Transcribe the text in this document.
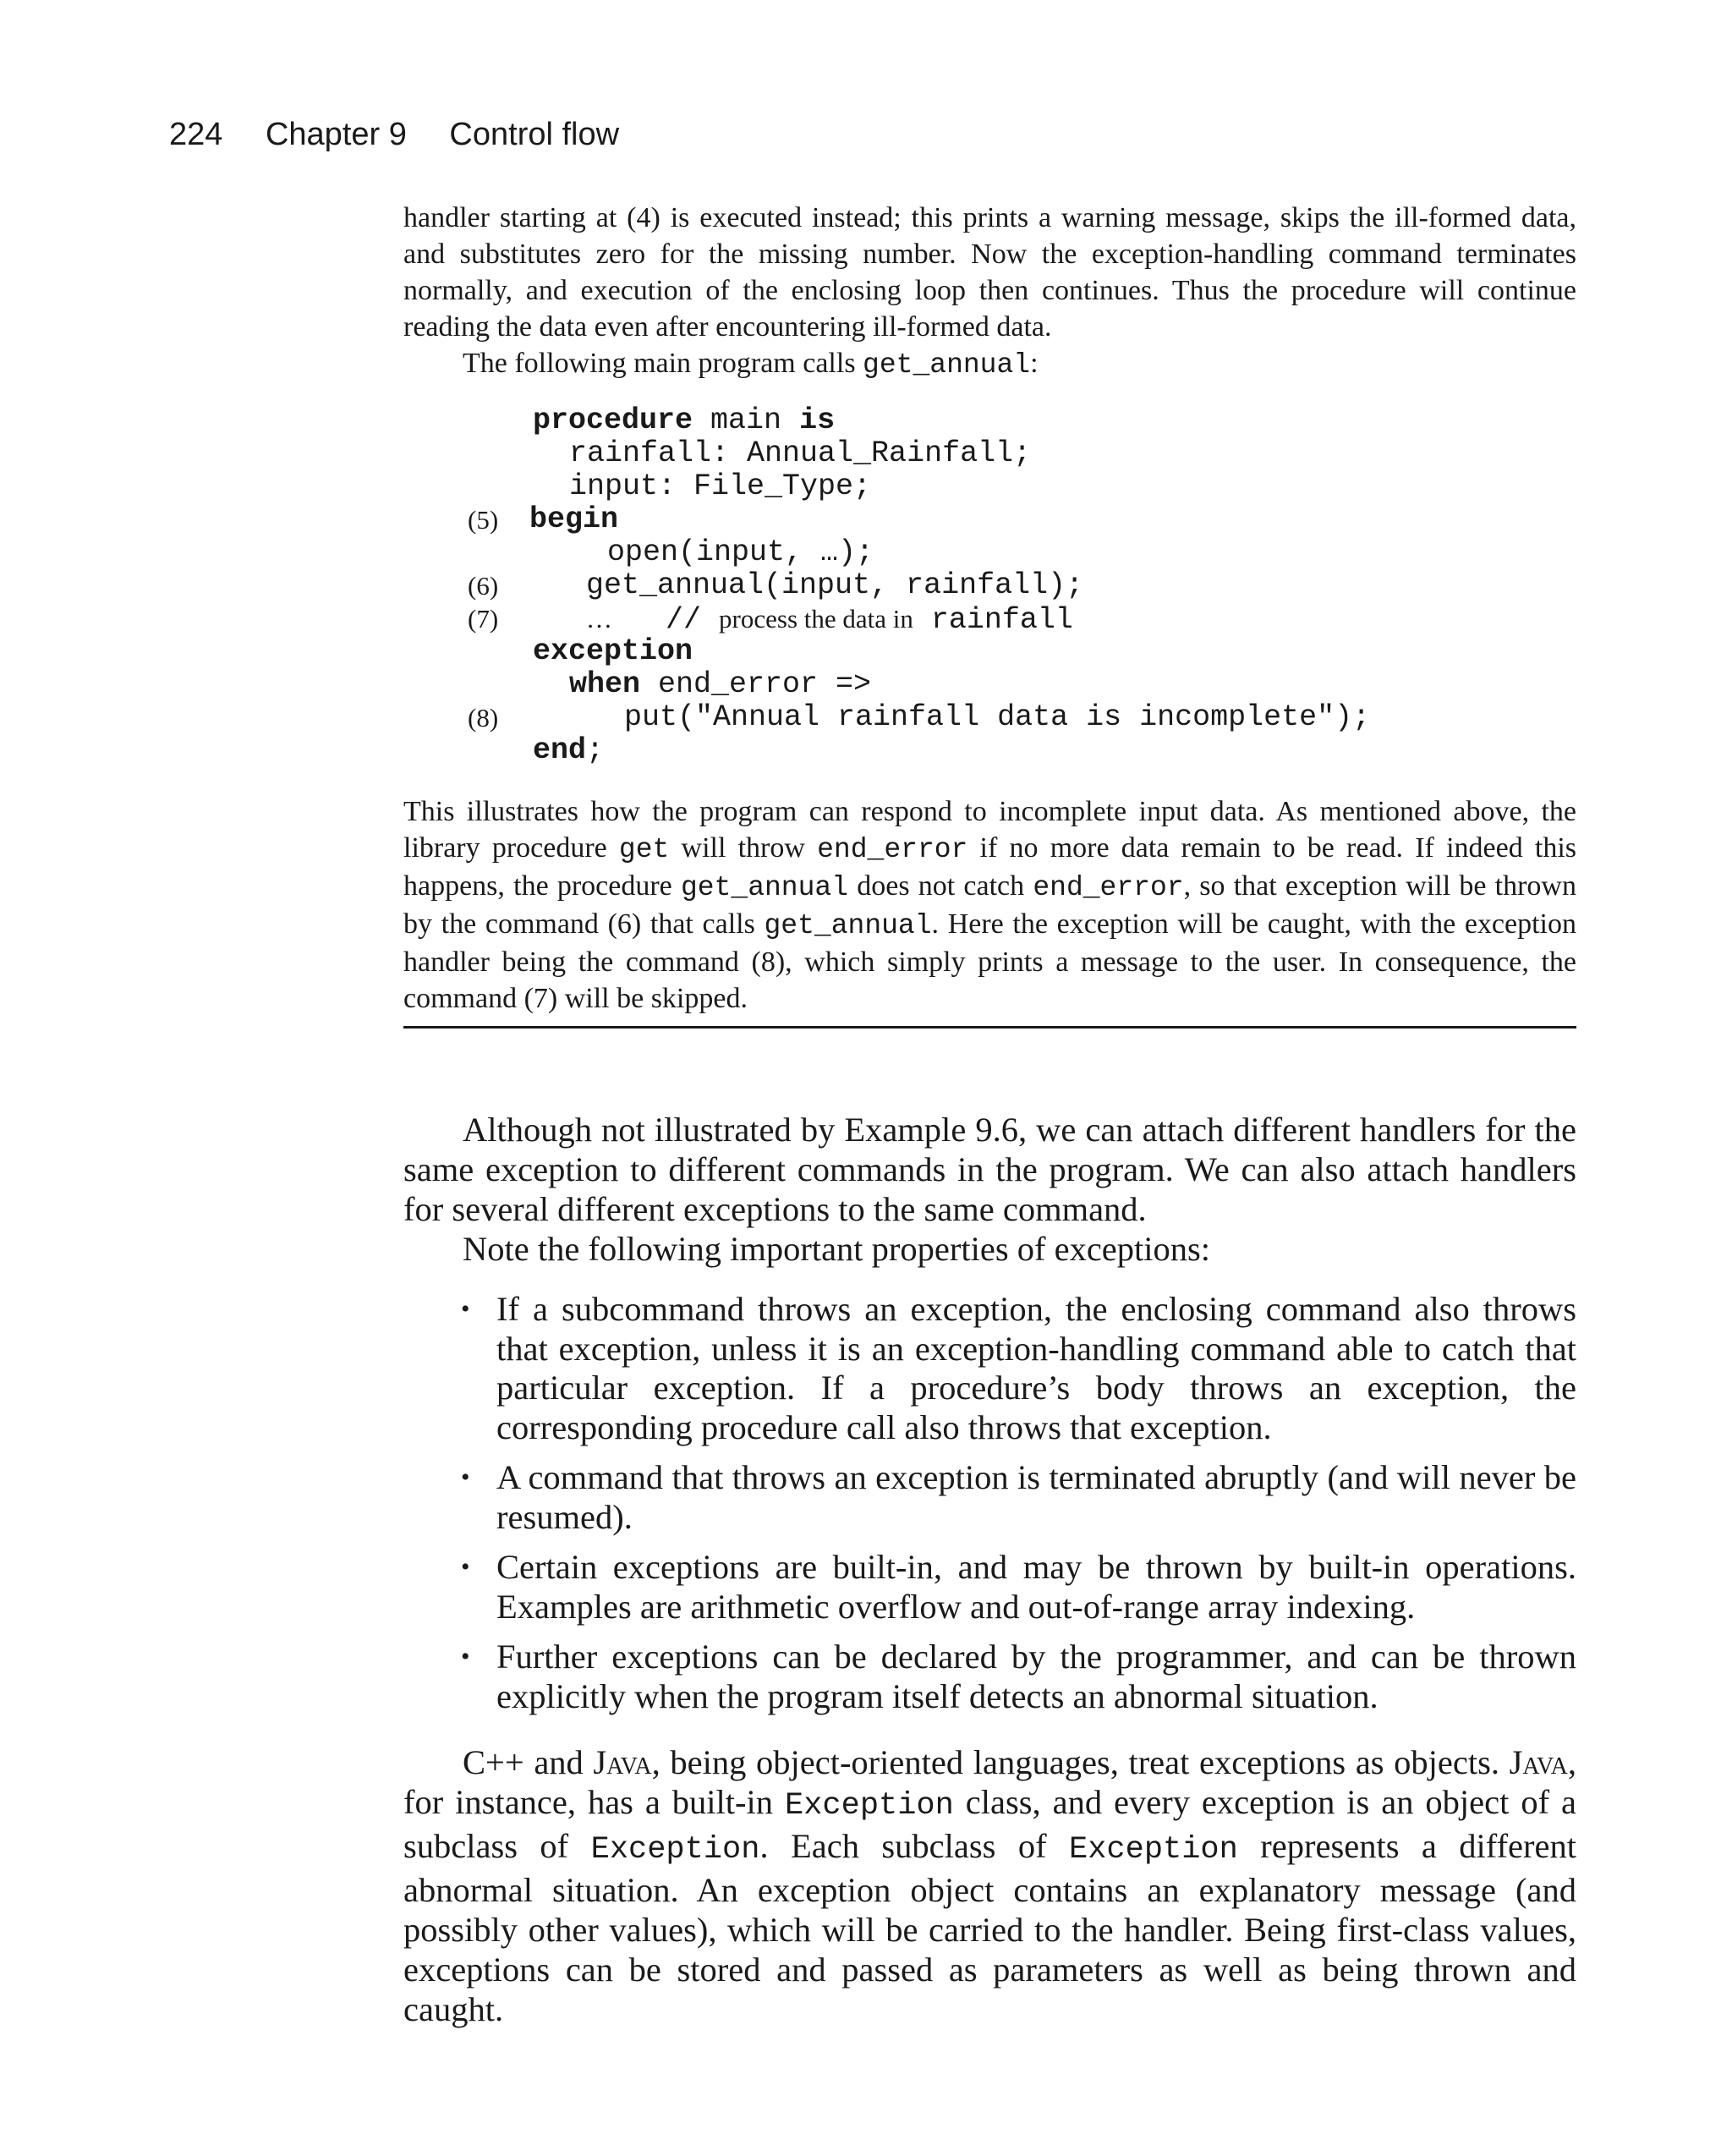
224 Chapter 9 Control flow

handler starting at (4) is executed instead; this prints a warning message, skips the ill-formed data, and substitutes zero for the missing number. Now the exception-handling command terminates normally, and execution of the enclosing loop then continues. Thus the procedure will continue reading the data even after encountering ill-formed data.

The following main program calls get_annual:

procedure main is

rainfall: Annual_Rainfall;

input: File_Type;

(5)

	begin

open(input, …);

(6)

	get_annual(input, rainfall);

(7)

	… // process the data in rainfall

exception

when end_error =>

(8)

	put("Annual rainfall data is incomplete");

end;

This illustrates how the program can respond to incomplete input data. As mentioned above, the library procedure get will throw end_error if no more data remain to be read. If indeed this happens, the procedure get_annual does not catch end_error, so that exception will be thrown by the command (6) that calls get_annual. Here the exception will be caught, with the exception handler being the command (8), which simply prints a message to the user. In consequence, the command (7) will be skipped.

Although not illustrated by Example 9.6, we can attach different handlers for the same exception to different commands in the program. We can also attach handlers for several different exceptions to the same command.

Note the following important properties of exceptions:

• If a subcommand throws an exception, the enclosing command also throws that exception, unless it is an exception-handling command able to catch that particular exception. If a procedure’s body throws an exception, the corresponding procedure call also throws that exception.
• A command that throws an exception is terminated abruptly (and will never be resumed).
• Certain exceptions are built-in, and may be thrown by built-in operations. Examples are arithmetic overflow and out-of-range array indexing.
• Further exceptions can be declared by the programmer, and can be thrown explicitly when the program itself detects an abnormal situation.

C++ and Java, being object-oriented languages, treat exceptions as objects. Java, for instance, has a built-in Exception class, and every exception is an object of a subclass of Exception. Each subclass of Exception represents a different abnormal situation. An exception object contains an explanatory message (and possibly other values), which will be carried to the handler. Being first-class values, exceptions can be stored and passed as parameters as well as being thrown and caught.
